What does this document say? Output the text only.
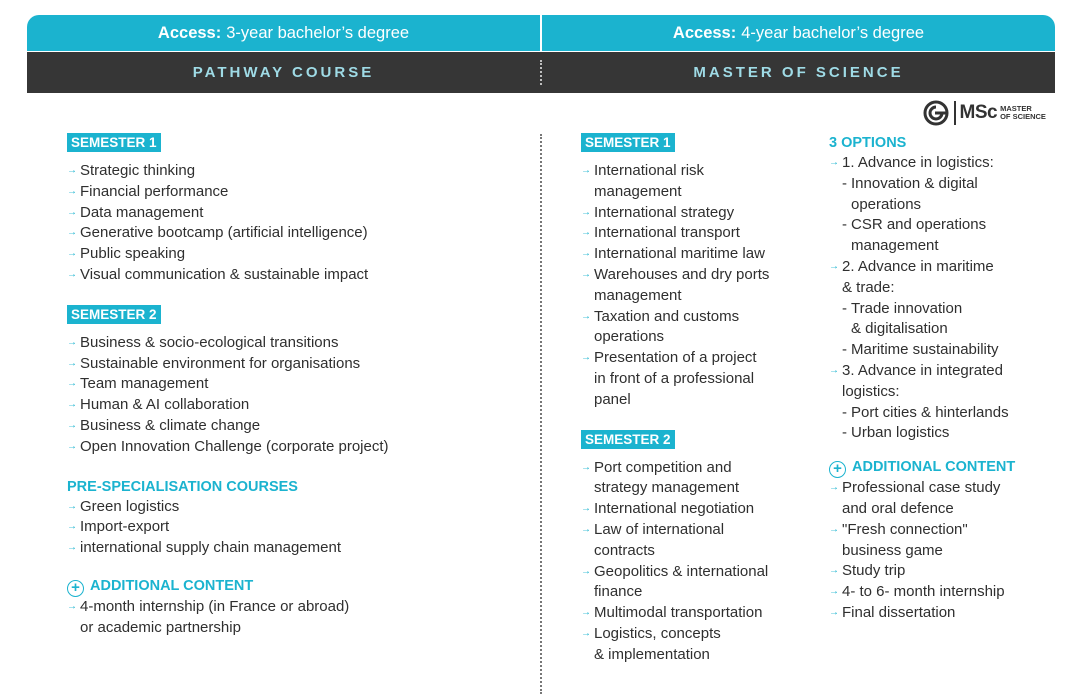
Access: 3-year bachelor’s degree	Access: 4-year bachelor’s degree
PATHWAY COURSE	MASTER OF SCIENCE
MSc MASTER
OF SCIENCE
SEMESTER 1
→ Strategic thinking
→ Financial performance
→ Data management
→ Generative bootcamp (artificial intelligence)
→ Public speaking
→ Visual communication & sustainable impact
SEMESTER 2
→ Business & socio-ecological transitions
→ Sustainable environment for organisations
→ Team management
→ Human & AI collaboration
→ Business & climate change
→ Open Innovation Challenge (corporate project)
PRE-SPECIALISATION COURSES
→ Green logistics
→ Import-export
→ international supply chain management
+ ADDITIONAL CONTENT
→ 4-month internship (in France or abroad)
or academic partnership
SEMESTER 1
→ International risk
management
→ International strategy
→ International transport
→ International maritime law
→ Warehouses and dry ports
management
→ Taxation and customs
operations
→ Presentation of a project
in front of a professional
panel
SEMESTER 2
→ Port competition and
strategy management
→ International negotiation
→ Law of international
contracts
→ Geopolitics & international
finance
→ Multimodal transportation
→ Logistics, concepts
& implementation
3 OPTIONS
→ 1. Advance in logistics:
- Innovation & digital
operations
- CSR and operations
management
→ 2. Advance in maritime
& trade:
- Trade innovation
& digitalisation
- Maritime sustainability
→ 3. Advance in integrated
logistics:
- Port cities & hinterlands
- Urban logistics
+ ADDITIONAL CONTENT
→ Professional case study
and oral defence
→ "Fresh connection"
business game
→ Study trip
→ 4- to 6- month internship
→ Final dissertation
